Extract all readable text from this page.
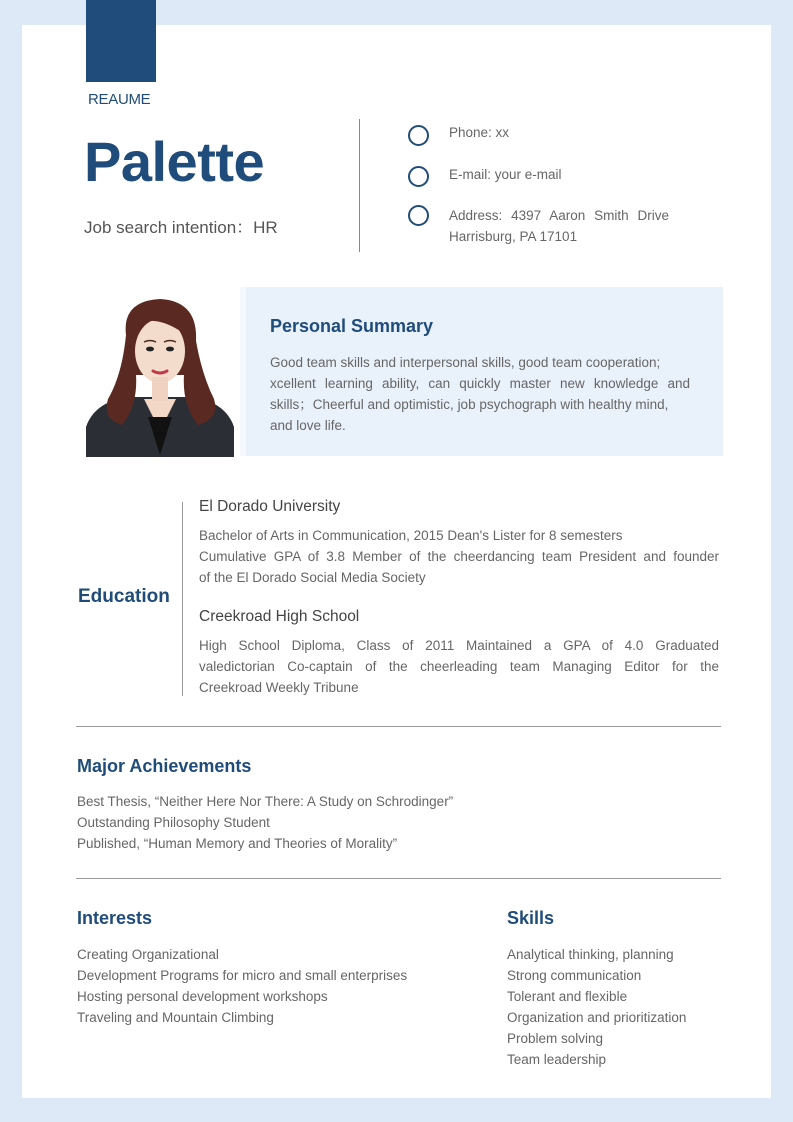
REAUME
Palette
Job search intention：HR
Phone: xx
E-mail: your e-mail
Address: 4397 Aaron Smith Drive
Harrisburg, PA 17101
Personal Summary
Good team skills and interpersonal skills, good team cooperation;
xcellent learning ability, can quickly master new knowledge and
skills；Cheerful and optimistic, job psychograph with healthy mind,
and love life.
Education
El Dorado University
Bachelor of Arts in Communication, 2015 Dean's Lister for 8 semesters
Cumulative GPA of 3.8 Member of the cheerdancing team President and founder
of the El Dorado Social Media Society
Creekroad High School
High School Diploma, Class of 2011 Maintained a GPA of 4.0 Graduated
valedictorian Co-captain of the cheerleading team Managing Editor for the
Creekroad Weekly Tribune
Major Achievements
Best Thesis, “Neither Here Nor There: A Study on Schrodinger”
Outstanding Philosophy Student
Published, “Human Memory and Theories of Morality”
Interests
Creating Organizational
Development Programs for micro and small enterprises
Hosting personal development workshops
Traveling and Mountain Climbing
Skills
Analytical thinking, planning
Strong communication
Tolerant and flexible
Organization and prioritization
Problem solving
Team leadership
